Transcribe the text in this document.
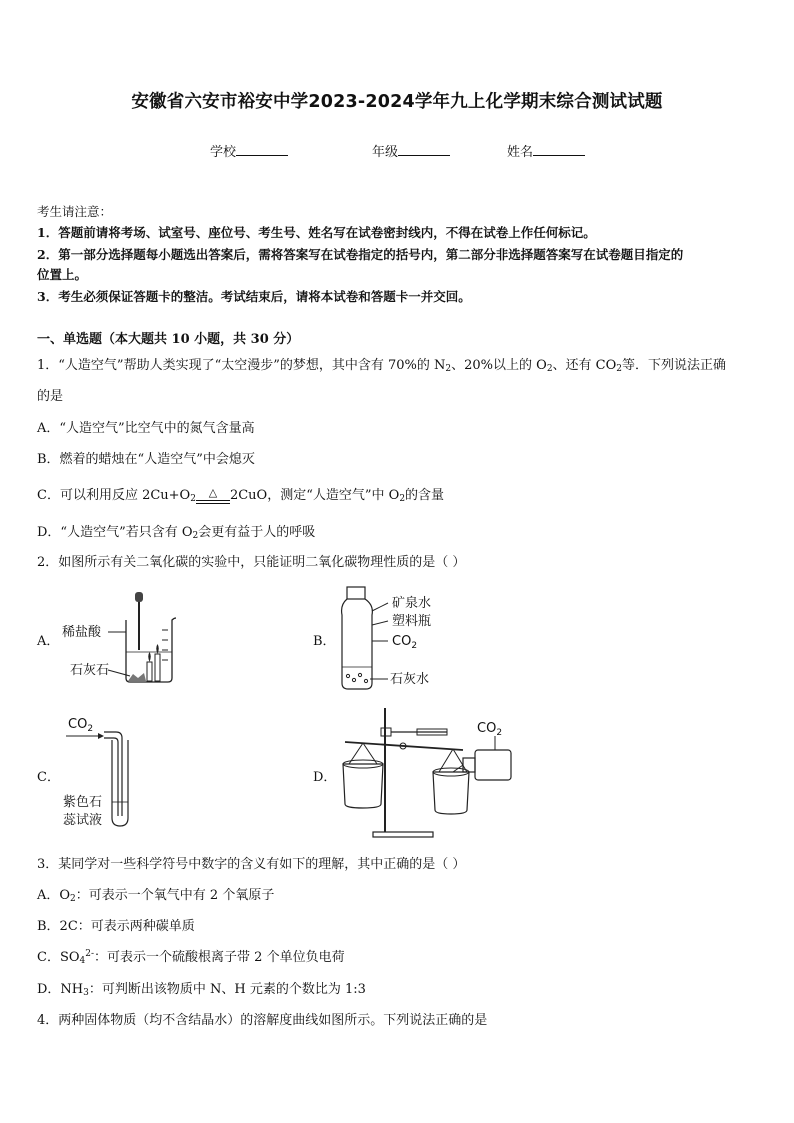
安徽省六安市裕安中学2023-2024学年九上化学期末综合测试试题
学校	年级	姓名
考生请注意：
1．答题前请将考场、试室号、座位号、考生号、姓名写在试卷密封线内，不得在试卷上作任何标记。
2．第一部分选择题每小题选出答案后，需将答案写在试卷指定的括号内，第二部分非选择题答案写在试卷题目指定的
位置上。
3．考生必须保证答题卡的整洁。考试结束后，请将本试卷和答题卡一并交回。
一、单选题（本大题共 10 小题，共 30 分）
1．“人造空气”帮助人类实现了“太空漫步”的梦想，其中含有 70%的 $N_2$、20%以上的 $O_2$、还有 $CO_2$等．下列说法正确
的是
A．“人造空气”比空气中的氮气含量高
B．燃着的蜡烛在“人造空气”中会熄灭
C．可以利用反应 $2Cu+O_2$ △ 2CuO，测定“人造空气”中 $O_2$的含量
D．“人造空气”若只含有 $O_2$会更有益于人的呼吸
2．如图所示有关二氧化碳的实验中，只能证明二氧化碳物理性质的是（ ）
A．	B．
C．	D．
稀盐酸
石灰石
矿泉水
塑料瓶
$CO_2$
石灰水
$CO_2$
紫色石
蕊试液
$CO_2$
3．某同学对一些科学符号中数字的含义有如下的理解，其中正确的是（ ）
A．$O_2$：可表示一个氧气中有 2 个氧原子
B．2C：可表示两种碳单质
C．$SO_4^{2-}$：可表示一个硫酸根离子带 2 个单位负电荷
D．$NH_3$：可判断出该物质中 N、H 元素的个数比为 1:3
4．两种固体物质（均不含结晶水）的溶解度曲线如图所示。下列说法正确的是
